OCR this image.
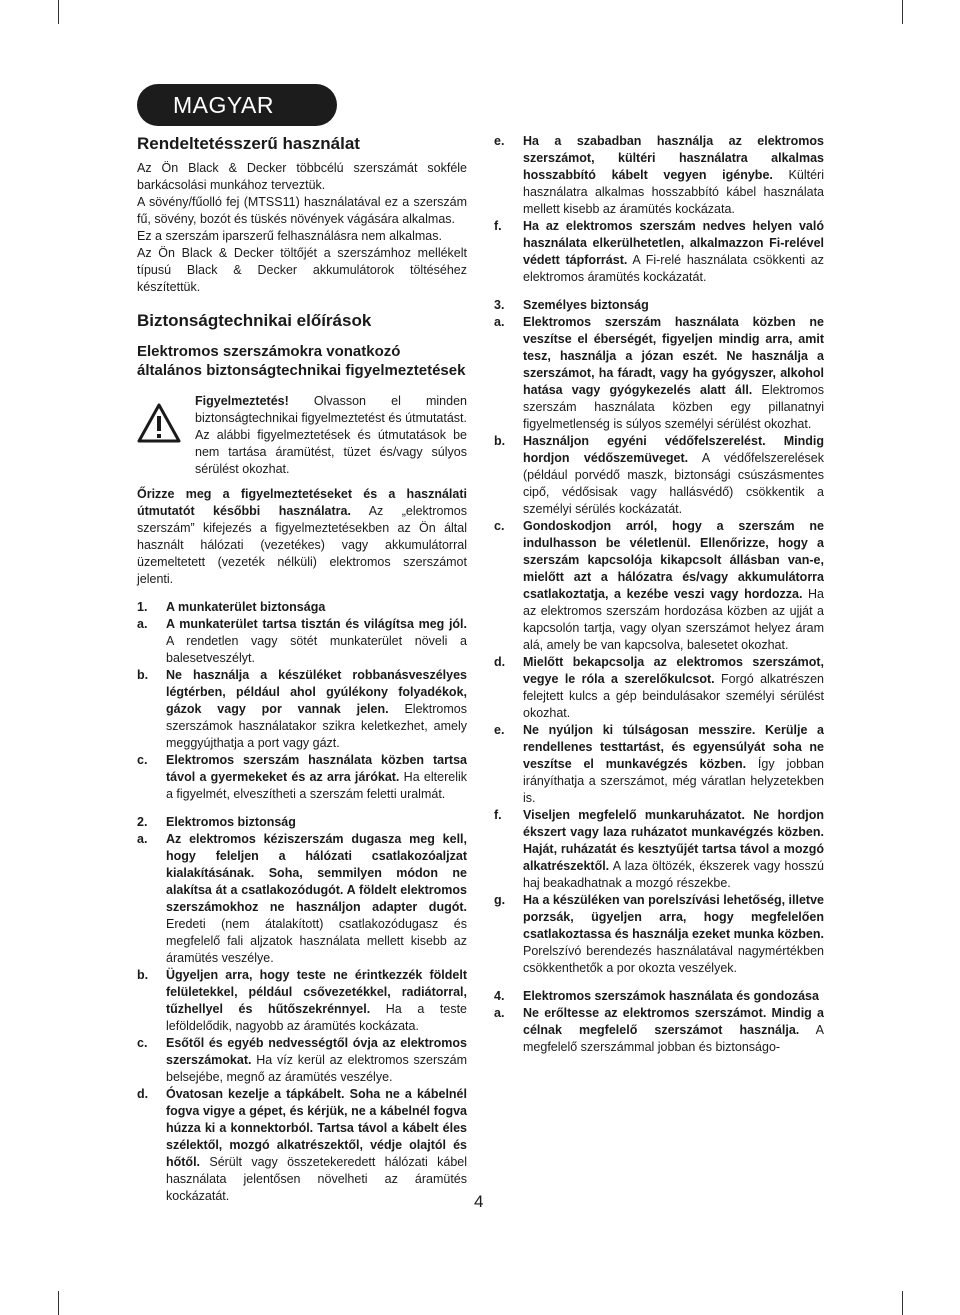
MAGYAR
Rendeltetésszerű használat

Az Ön Black & Decker többcélú szerszámát sokféle barkácsolási munkához terveztük.

A sövény/fűolló fej (MTSS11) használatával ez a szerszám fű, sövény, bozót és tüskés növények vágására alkalmas.

Ez a szerszám iparszerű felhasználásra nem alkalmas.

Az Ön Black & Decker töltőjét a szerszámhoz mellékelt típusú Black & Decker akkumulátorok töltéséhez készítettük.

Biztonságtechnikai előírások
Elektromos szerszámokra vonatkozó általános biztonságtechnikai figyelmeztetések

Figyelmeztetés! Olvasson el minden biztonságtechnikai figyelmeztetést és útmutatást. Az alábbi figyelmeztetések és útmutatások be nem tartása áramütést, tüzet és/vagy súlyos sérülést okozhat.

Őrizze meg a figyelmeztetéseket és a használati útmutatót későbbi használatra. Az „elektromos szerszám” kifejezés a figyelmeztetésekben az Ön által használt hálózati (vezetékes) vagy akkumulátorral üzemeltetett (vezeték nélküli) elektromos szerszámot jelenti.

1.	A munkaterület biztonsága
a.	A munkaterület tartsa tisztán és világítsa meg jól. A rendetlen vagy sötét munkaterület növeli a balesetveszélyt.
b.	Ne használja a készüléket robbanásveszélyes légtérben, például ahol gyúlékony folyadékok, gázok vagy por vannak jelen. Elektromos szerszámok használatakor szikra keletkezhet, amely meggyújthatja a port vagy gázt.
c.	Elektromos szerszám használata közben tartsa távol a gyermekeket és az arra járókat. Ha elterelik a figyelmét, elveszítheti a szerszám feletti uralmát.
2.	Elektromos biztonság
a.	Az elektromos kéziszerszám dugasza meg kell, hogy feleljen a hálózati csatlakozóaljzat kialakításának. Soha, semmilyen módon ne alakítsa át a csatlakozódugót. A földelt elektromos szerszámokhoz ne használjon adapter dugót. Eredeti (nem átalakított) csatlakozódugasz és megfelelő fali aljzatok használata mellett kisebb az áramütés veszélye.
b.	Ügyeljen arra, hogy teste ne érintkezzék földelt felületekkel, például csővezetékkel, radiátorral, tűzhellyel és hűtőszekrénnyel. Ha a teste leföldelődik, nagyobb az áramütés kockázata.
c.	Esőtől és egyéb nedvességtől óvja az elektromos szerszámokat. Ha víz kerül az elektromos szerszám belsejébe, megnő az áramütés veszélye.
d.	Óvatosan kezelje a tápkábelt. Soha ne a kábelnél fogva vigye a gépet, és kérjük, ne a kábelnél fogva húzza ki a konnektorból. Tartsa távol a kábelt éles szélektől, mozgó alkatrészektől, védje olajtól és hőtől. Sérült vagy összetekeredett hálózati kábel használata jelentősen növelheti az áramütés kockázatát.
e.	Ha a szabadban használja az elektromos szerszámot, kültéri használatra alkalmas hosszabbító kábelt vegyen igénybe. Kültéri használatra alkalmas hosszabbító kábel használata mellett kisebb az áramütés kockázata.
f.	Ha az elektromos szerszám nedves helyen való használata elkerülhetetlen, alkalmazzon Fi-relével védett tápforrást. A Fi-relé használata csökkenti az elektromos áramütés kockázatát.
3.	Személyes biztonság
a.	Elektromos szerszám használata közben ne veszítse el éberségét, figyeljen mindig arra, amit tesz, használja a józan eszét. Ne használja a szerszámot, ha fáradt, vagy ha gyógyszer, alkohol hatása vagy gyógykezelés alatt áll. Elektromos szerszám használata közben egy pillanatnyi figyelmetlenség is súlyos személyi sérülést okozhat.
b.	Használjon egyéni védőfelszerelést. Mindig hordjon védőszemüveget. A védőfelszerelések (például porvédő maszk, biztonsági csúszásmentes cipő, védősisak vagy hallásvédő) csökkentik a személyi sérülés kockázatát.
c.	Gondoskodjon arról, hogy a szerszám ne indulhasson be véletlenül. Ellenőrizze, hogy a szerszám kapcsolója kikapcsolt állásban van-e, mielőtt azt a hálózatra és/vagy akkumulátorra csatlakoztatja, a kezébe veszi vagy hordozza. Ha az elektromos szerszám hordozása közben az ujját a kapcsolón tartja, vagy olyan szerszámot helyez áram alá, amely be van kapcsolva, balesetet okozhat.
d.	Mielőtt bekapcsolja az elektromos szerszámot, vegye le róla a szerelőkulcsot. Forgó alkatrészen felejtett kulcs a gép beindulásakor személyi sérülést okozhat.
e.	Ne nyúljon ki túlságosan messzire. Kerülje a rendellenes testtartást, és egyensúlyát soha ne veszítse el munkavégzés közben. Így jobban irányíthatja a szerszámot, még váratlan helyzetekben is.
f.	Viseljen megfelelő munkaruházatot. Ne hordjon ékszert vagy laza ruházatot munkavégzés közben. Haját, ruházatát és kesztyűjét tartsa távol a mozgó alkatrészektől. A laza öltözék, ékszerek vagy hosszú haj beakadhatnak a mozgó részekbe.
g.	Ha a készüléken van porelszívási lehetőség, illetve porzsák, ügyeljen arra, hogy megfelelően csatlakoztassa és használja ezeket munka közben. Porelszívó berendezés használatával nagymértékben csökkenthetők a por okozta veszélyek.
4.	Elektromos szerszámok használata és gondozása
a.	Ne erőltesse az elektromos szerszámot. Mindig a célnak megfelelő szerszámot használja. A megfelelő szerszámmal jobban és biztonságo-
4
